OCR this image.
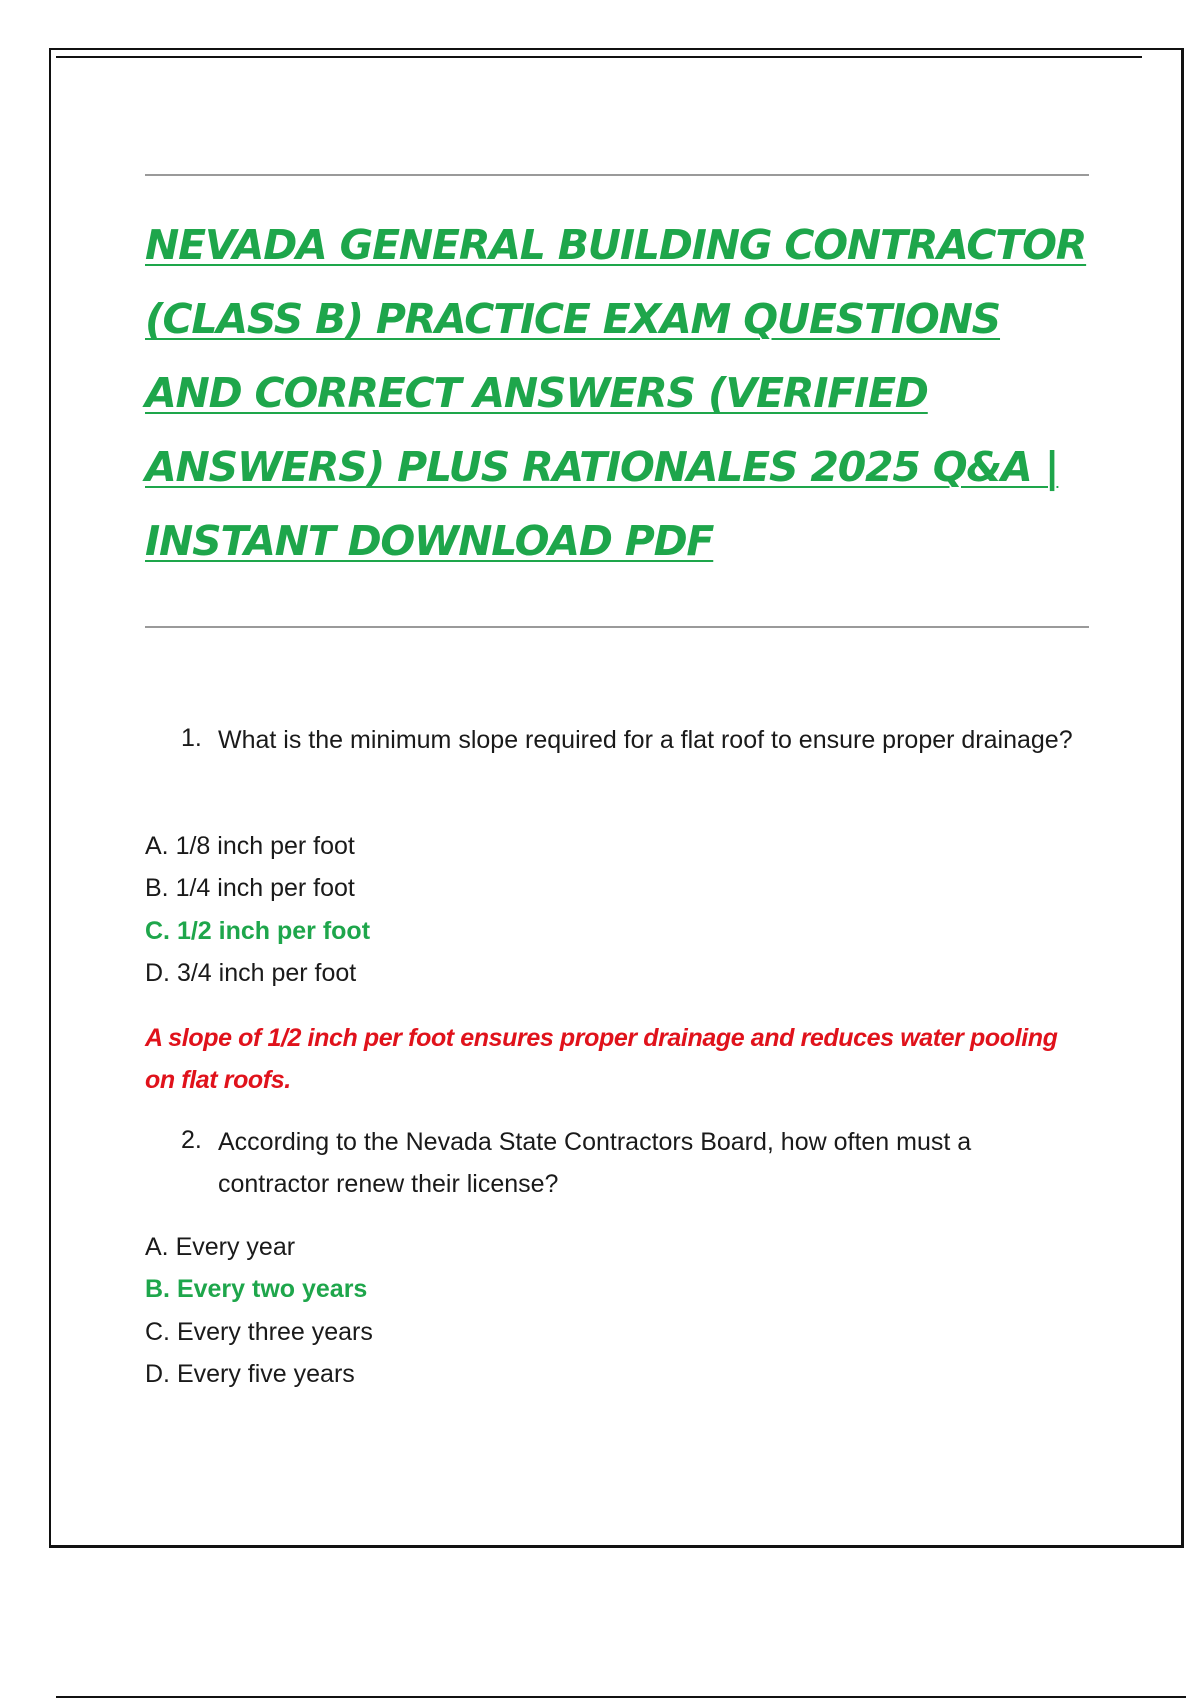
NEVADA GENERAL BUILDING CONTRACTOR (CLASS B) PRACTICE EXAM QUESTIONS AND CORRECT ANSWERS (VERIFIED ANSWERS) PLUS RATIONALES 2025 Q&A | INSTANT DOWNLOAD PDF
1. What is the minimum slope required for a flat roof to ensure proper drainage?

A. 1/8 inch per foot
B. 1/4 inch per foot
C. 1/2 inch per foot
D. 3/4 inch per foot

A slope of 1/2 inch per foot ensures proper drainage and reduces water pooling on flat roofs.

2. According to the Nevada State Contractors Board, how often must a contractor renew their license?

A. Every year
B. Every two years
C. Every three years
D. Every five years
